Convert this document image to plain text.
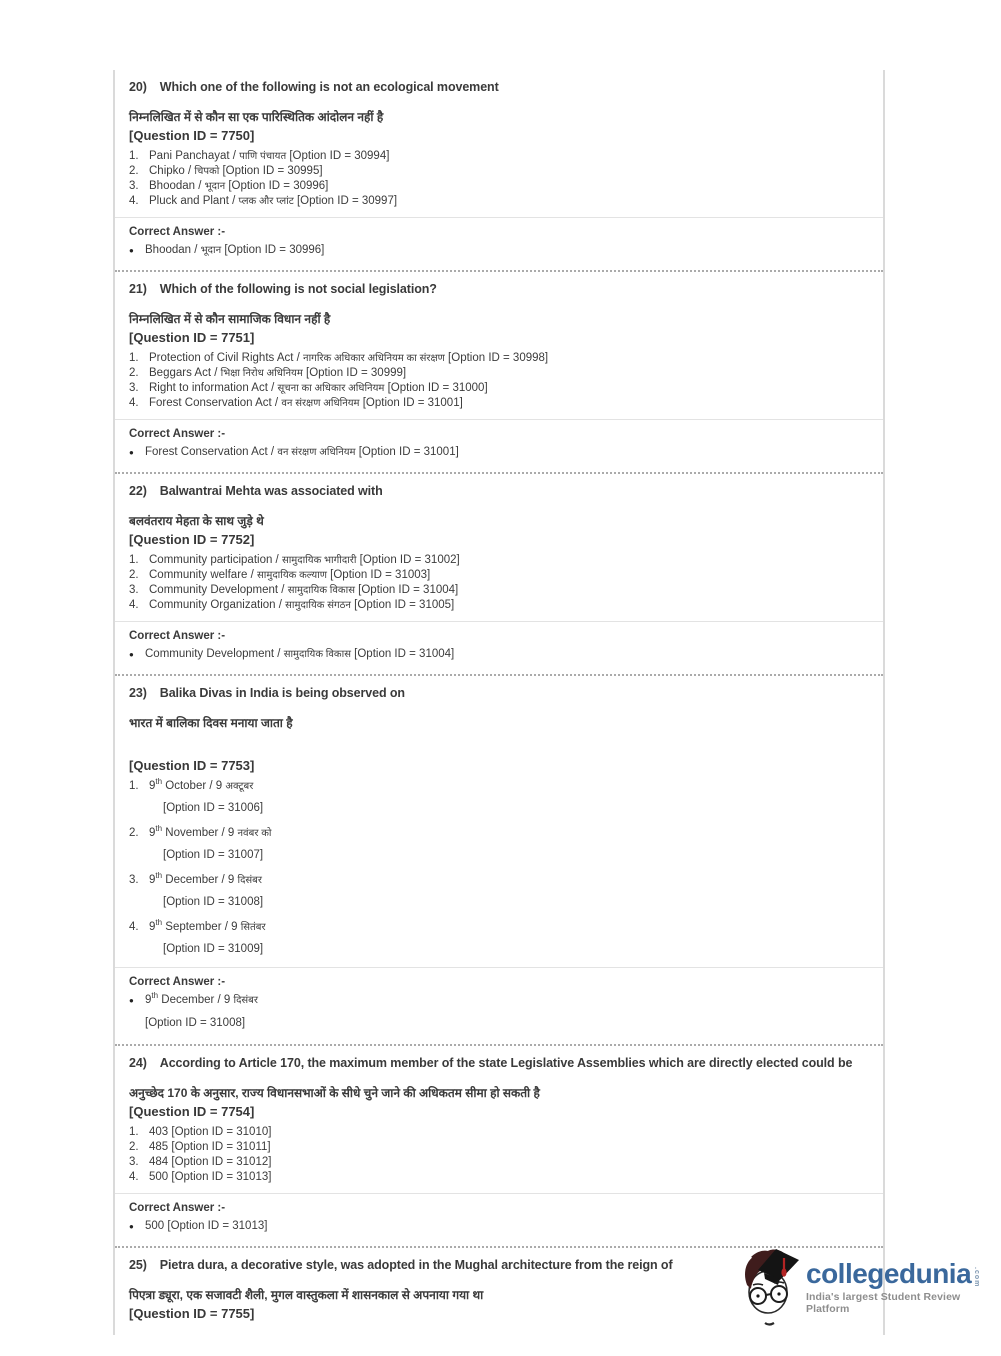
20) Which one of the following is not an ecological movement

निम्नलिखित में से कौन सा एक पारिस्थितिक आंदोलन नहीं है

[Question ID = 7750]

1. Pani Panchayat / पाणि पंचायत [Option ID = 30994]
2. Chipko / चिपको [Option ID = 30995]
3. Bhoodan / भूदान [Option ID = 30996]
4. Pluck and Plant / प्लक और प्लांट [Option ID = 30997]

Correct Answer :-

● Bhoodan / भूदान [Option ID = 30996]
21) Which of the following is not social legislation?

निम्नलिखित में से कौन सामाजिक विधान नहीं है

[Question ID = 7751]

1. Protection of Civil Rights Act / नागरिक अधिकार अधिनियम का संरक्षण [Option ID = 30998]
2. Beggars Act / भिक्षा निरोध अधिनियम [Option ID = 30999]
3. Right to information Act / सूचना का अधिकार अधिनियम [Option ID = 31000]
4. Forest Conservation Act / वन संरक्षण अधिनियम [Option ID = 31001]

Correct Answer :-

● Forest Conservation Act / वन संरक्षण अधिनियम [Option ID = 31001]
22) Balwantrai Mehta was associated with

बलवंतराय मेहता के साथ जुड़े थे

[Question ID = 7752]

1. Community participation / सामुदायिक भागीदारी [Option ID = 31002]
2. Community welfare / सामुदायिक कल्याण [Option ID = 31003]
3. Community Development / सामुदायिक विकास [Option ID = 31004]
4. Community Organization / सामुदायिक संगठन [Option ID = 31005]

Correct Answer :-

● Community Development / सामुदायिक विकास [Option ID = 31004]
23) Balika Divas in India is being observed on

भारत में बालिका दिवस मनाया जाता है

[Question ID = 7753]

1. 9th October / 9 अक्टूबर
[Option ID = 31006]
2. 9th November / 9 नवंबर को
[Option ID = 31007]
3. 9th December / 9 दिसंबर
[Option ID = 31008]
4. 9th September / 9 सितंबर
[Option ID = 31009]

Correct Answer :-

● 9th December / 9 दिसंबर
[Option ID = 31008]
24) According to Article 170, the maximum member of the state Legislative Assemblies which are directly elected could be

अनुच्छेद 170 के अनुसार, राज्य विधानसभाओं के सीधे चुने जाने की अधिकतम सीमा हो सकती है

[Question ID = 7754]

1. 403 [Option ID = 31010]
2. 485 [Option ID = 31011]
3. 484 [Option ID = 31012]
4. 500 [Option ID = 31013]

Correct Answer :-

● 500 [Option ID = 31013]
25) Pietra dura, a decorative style, was adopted in the Mughal architecture from the reign of

पिएत्रा ड्यूरा, एक सजावटी शैली, मुगल वास्तुकला में शासनकाल से अपनाया गया था

[Question ID = 7755]

collegedunia .com
India's largest Student Review Platform
